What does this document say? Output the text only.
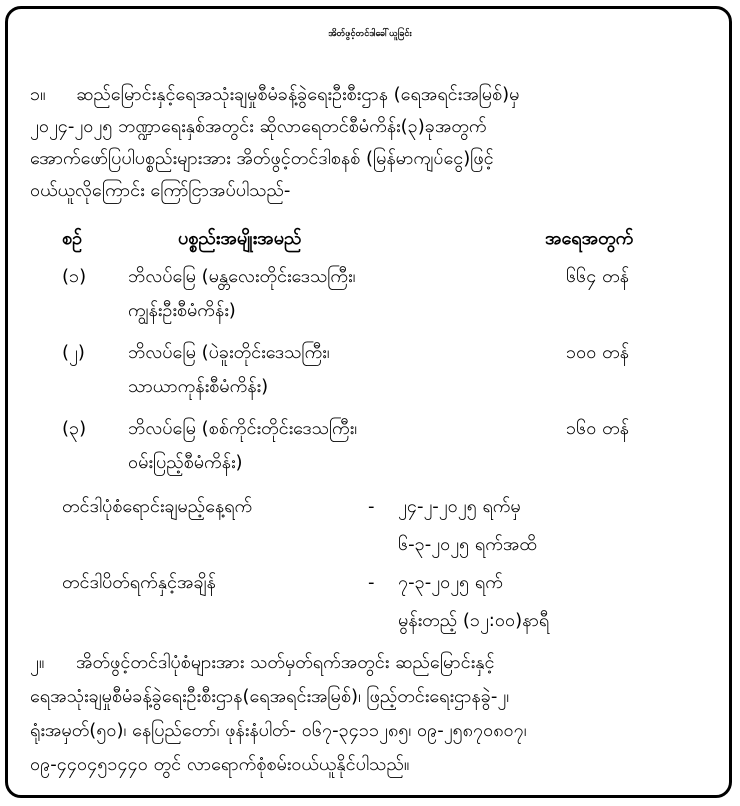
အိတ်ဖွင့်တင်ဒါခေါ်ယူခြင်း
၁။ ဆည်မြောင်းနှင့်ရေအသုံးချမှုစီမံခန့်ခွဲရေးဦးစီးဌာန (ရေအရင်းအမြစ်)မှ
၂၀၂၄-၂၀၂၅ ဘဏ္ဍာရေးနှစ်အတွင်း ဆိုလာရေတင်စီမံကိန်း(၃)ခုအတွက်
အောက်ဖော်ပြပါပစ္စည်းများအား အိတ်ဖွင့်တင်ဒါစနစ် (မြန်မာကျပ်ငွေ)ဖြင့်
ဝယ်ယူလိုကြောင်း ကြော်ငြာအပ်ပါသည်-
စဉ်	ပစ္စည်းအမျိုးအမည်	အရေအတွက်
(၁) ဘိလပ်မြေ (မန္တလေးတိုင်းဒေသကြီး၊
ကျွန်းဦးစီမံကိန်း)
၆၆၄ တန်
(၂) ဘိလပ်မြေ (ပဲခူးတိုင်းဒေသကြီး၊
သာယာကုန်းစီမံကိန်း)
၁၀၀ တန်
(၃) ဘိလပ်မြေ (စစ်ကိုင်းတိုင်းဒေသကြီး၊
ဝမ်းပြည့်စီမံကိန်း)
၁၆၀ တန်
တင်ဒါပုံစံရောင်းချမည့်နေ့ရက်	- ၂၄-၂-၂၀၂၅ ရက်မှ
၆-၃-၂၀၂၅ ရက်အထိ
တင်ဒါပိတ်ရက်နှင့်အချိန်	- ၇-၃-၂၀၂၅ ရက်
မွန်းတည့် (၁၂:၀၀)နာရီ
၂။ အိတ်ဖွင့်တင်ဒါပုံစံများအား သတ်မှတ်ရက်အတွင်း ဆည်မြောင်းနှင့်
ရေအသုံးချမှုစီမံခန့်ခွဲရေးဦးစီးဌာန(ရေအရင်းအမြစ်)၊ ဖြည့်တင်းရေးဌာနခွဲ-၂၊
ရုံးအမှတ်(၅၀)၊ နေပြည်တော်၊ ဖုန်းနံပါတ်- ၀၆၇-၃၄၁၁၂၈၅၊ ၀၉-၂၅၈၇၀၈၀၇၊
၀၉-၄၄၀၄၅၁၄၄၀ တွင် လာရောက်စုံစမ်းဝယ်ယူနိုင်ပါသည်။
